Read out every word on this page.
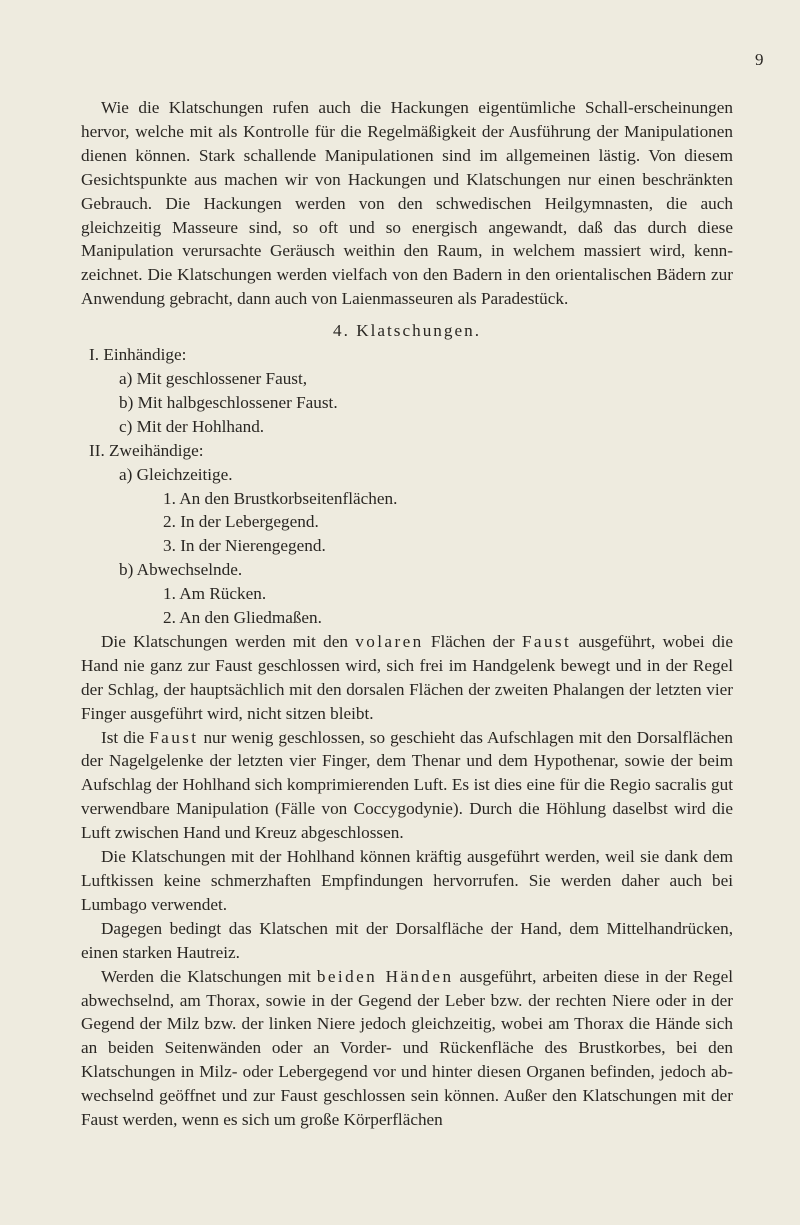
9

Wie die Klatschungen rufen auch die Hackungen eigentümliche Schall-erscheinungen hervor, welche mit als Kontrolle für die Regelmäßigkeit der Ausführung der Manipulationen dienen können. Stark schallende Manipulationen sind im allgemeinen lästig. Von diesem Gesichtspunkte aus machen wir von Hackungen und Klatschungen nur einen beschränkten Gebrauch. Die Hackungen werden von den schwedischen Heilgymnasten, die auch gleichzeitig Masseure sind, so oft und so energisch angewandt, daß das durch diese Manipulation verursachte Geräusch weithin den Raum, in welchem massiert wird, kenn-zeichnet. Die Klatschungen werden vielfach von den Badern in den orientalischen Bädern zur Anwendung gebracht, dann auch von Laienmasseuren als Paradestück.

4. Klatschungen.
I. Einhändige:
a) Mit geschlossener Faust,
b) Mit halbgeschlossener Faust.
c) Mit der Hohlhand.
II. Zweihändige:
a) Gleichzeitige.
1. An den Brustkorbseitenflächen.
2. In der Lebergegend.
3. In der Nierengegend.
b) Abwechselnde.
1. Am Rücken.
2. An den Gliedmaßen.

Die Klatschungen werden mit den volaren Flächen der Faust ausgeführt, wobei die Hand nie ganz zur Faust geschlossen wird, sich frei im Handgelenk bewegt und in der Regel der Schlag, der hauptsächlich mit den dorsalen Flächen der zweiten Phalangen der letzten vier Finger ausgeführt wird, nicht sitzen bleibt.

Ist die Faust nur wenig geschlossen, so geschieht das Aufschlagen mit den Dorsalflächen der Nagelgelenke der letzten vier Finger, dem Thenar und dem Hypothenar, sowie der beim Aufschlag der Hohlhand sich komprimierenden Luft. Es ist dies eine für die Regio sacralis gut verwendbare Manipulation (Fälle von Coccygodynie). Durch die Höhlung daselbst wird die Luft zwischen Hand und Kreuz abgeschlossen.

Die Klatschungen mit der Hohlhand können kräftig ausgeführt werden, weil sie dank dem Luftkissen keine schmerzhaften Empfindungen hervorrufen. Sie werden daher auch bei Lumbago verwendet.

Dagegen bedingt das Klatschen mit der Dorsalfläche der Hand, dem Mittelhandrücken, einen starken Hautreiz.

Werden die Klatschungen mit beiden Händen ausgeführt, arbeiten diese in der Regel abwechselnd, am Thorax, sowie in der Gegend der Leber bzw. der rechten Niere oder in der Gegend der Milz bzw. der linken Niere jedoch gleichzeitig, wobei am Thorax die Hände sich an beiden Seitenwänden oder an Vorder- und Rückenfläche des Brustkorbes, bei den Klatschungen in Milz- oder Lebergegend vor und hinter diesen Organen befinden, jedoch ab-wechselnd geöffnet und zur Faust geschlossen sein können. Außer den Klatschungen mit der Faust werden, wenn es sich um große Körperflächen
